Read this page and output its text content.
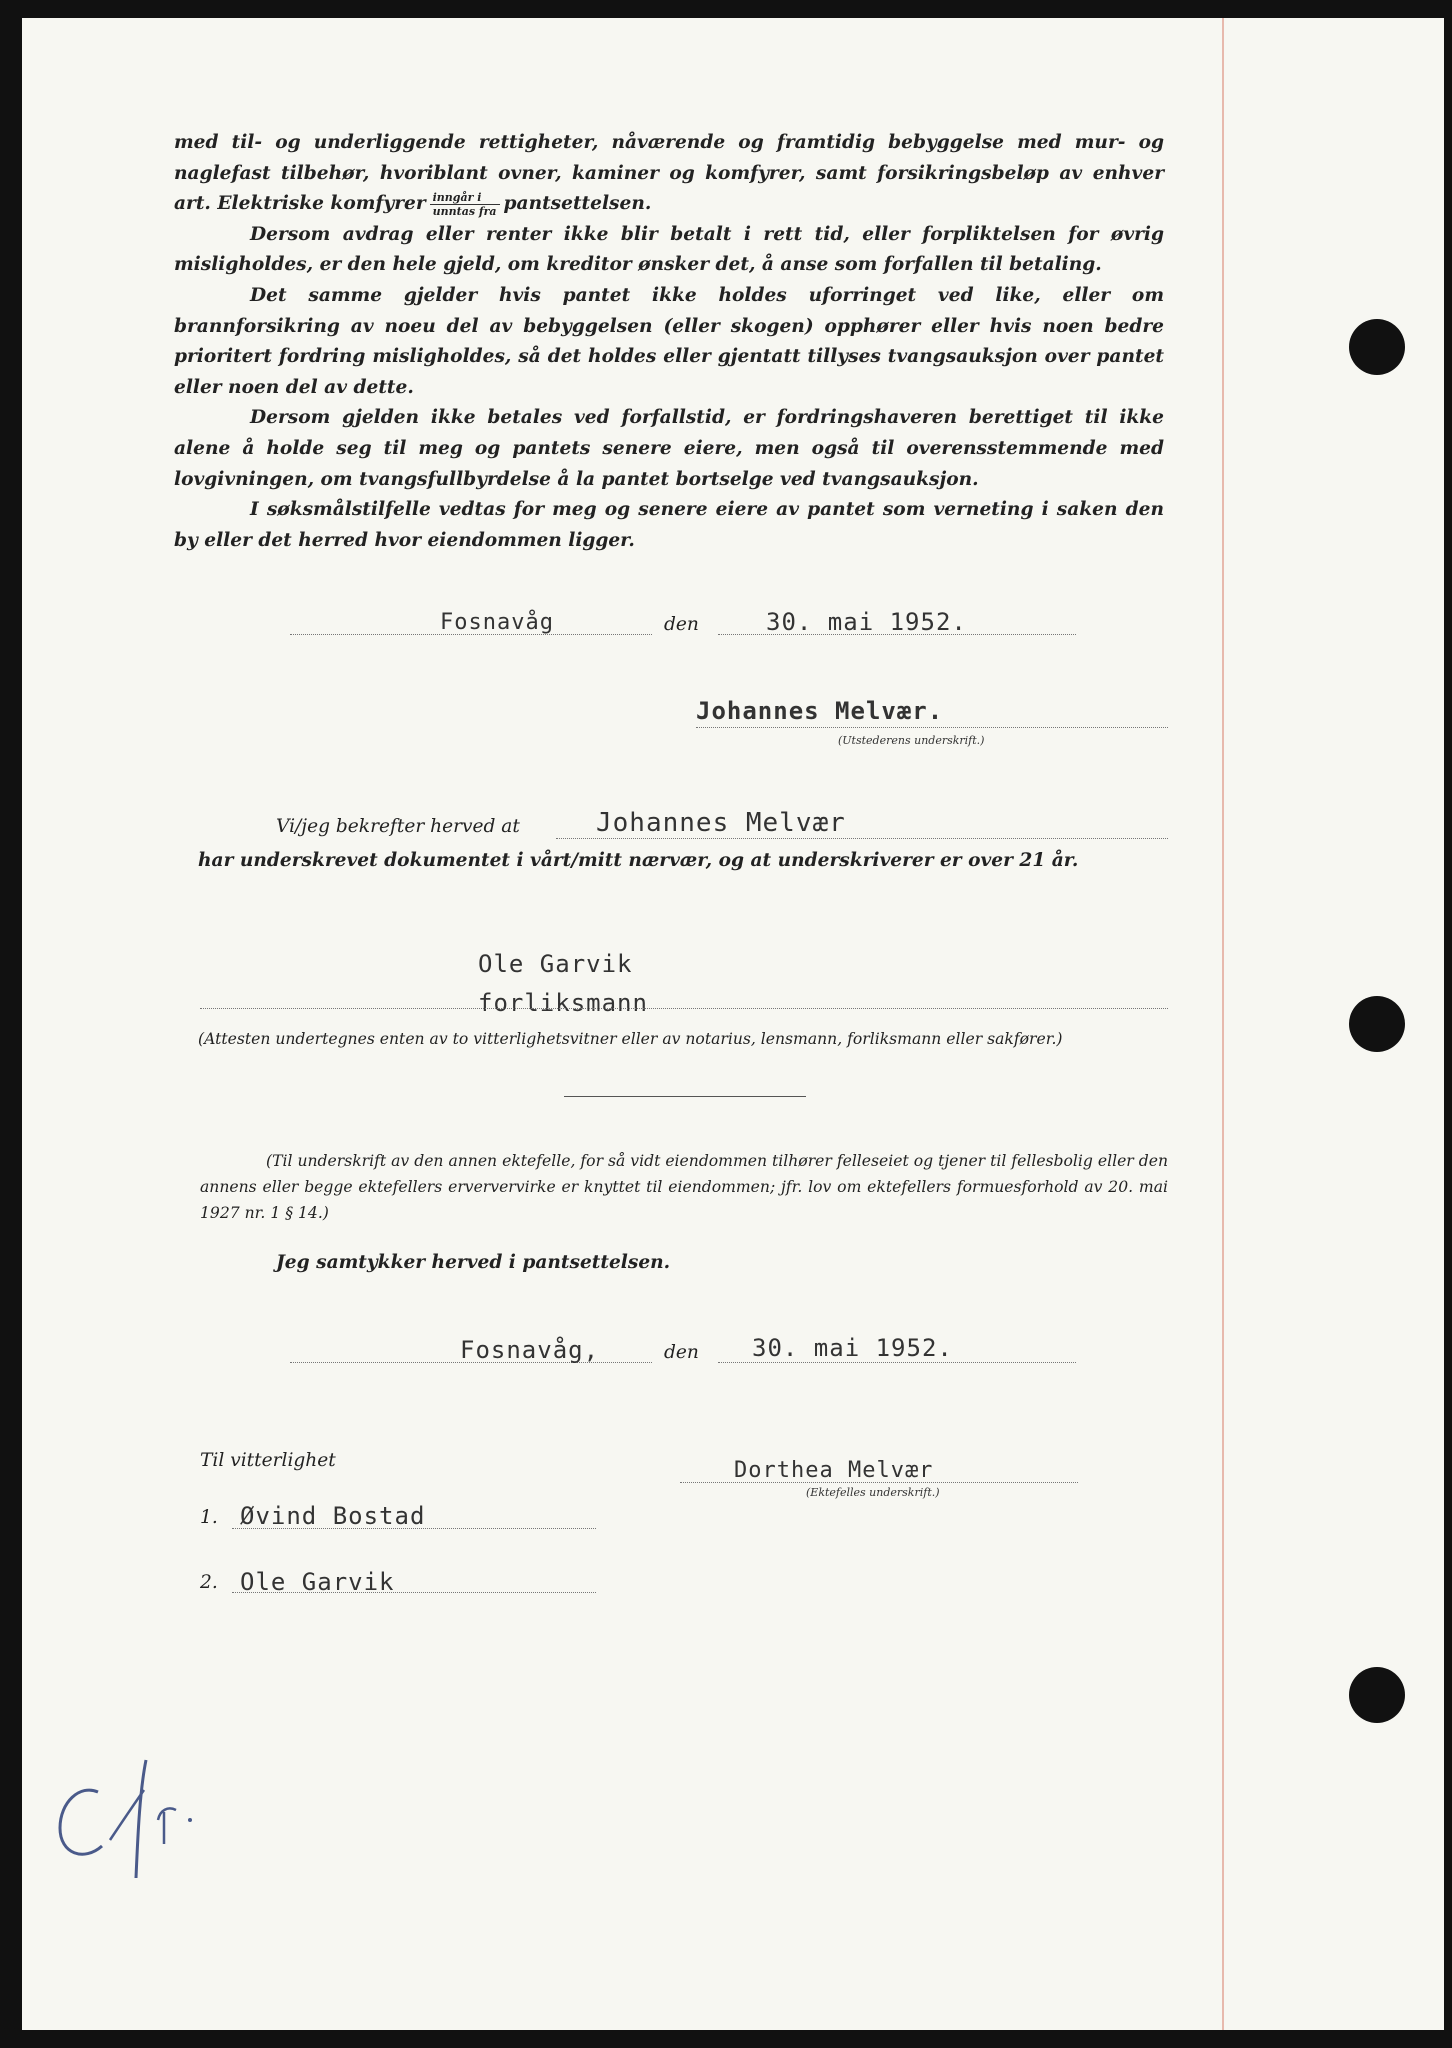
med til- og underliggende rettigheter, nåværende og framtidig bebyggelse med mur- og naglefast tilbehør, hvoriblant ovner, kaminer og komfyrer, samt forsikringsbeløp av enhver art. Elektriske komfyrer $\frac{\text{inngår i}}{\text{unntas fra}}$ pantsettelsen.

Dersom avdrag eller renter ikke blir betalt i rett tid, eller forpliktelsen for øvrig misligholdes, er den hele gjeld, om kreditor ønsker det, å anse som forfallen til betaling.

Det samme gjelder hvis pantet ikke holdes uforringet ved like, eller om brannforsikring av noeu del av bebyggelsen (eller skogen) opphører eller hvis noen bedre prioritert fordring misligholdes, så det holdes eller gjentatt tillyses tvangsauksjon over pantet eller noen del av dette.

Dersom gjelden ikke betales ved forfallstid, er fordringshaveren berettiget til ikke alene å holde seg til meg og pantets senere eiere, men også til overensstemmende med lovgivningen, om tvangsfullbyrdelse å la pantet bortselge ved tvangsauksjon.

I søksmålstilfelle vedtas for meg og senere eiere av pantet som verneting i saken den by eller det herred hvor eiendommen ligger.

Fosnavåg	den	30. mai 1952.
Johannes Melvær.
(Utstederens underskrift.)
Vi/jeg bekrefter herved at	Johannes Melvær
har underskrevet dokumentet i vårt/mitt nærvær, og at underskriverer er over 21 år.
Ole Garvik
forliksmann
(Attesten undertegnes enten av to vitterlighetsvitner eller av notarius, lensmann, forliksmann eller sakfører.)
(Til underskrift av den annen ektefelle, for så vidt eiendommen tilhører felleseiet og tjener til fellesbolig eller den annens eller begge ektefellers erververvirke er knyttet til eiendommen; jfr. lov om ektefellers formuesforhold av 20. mai 1927 nr. 1 § 14.)
Jeg samtykker herved i pantsettelsen.
Fosnavåg,	den 30. mai 1952.
Til vitterlighet
1. Øvind Bostad
2. Ole Garvik
Dorthea Melvær
(Ektefelles underskrift.)
